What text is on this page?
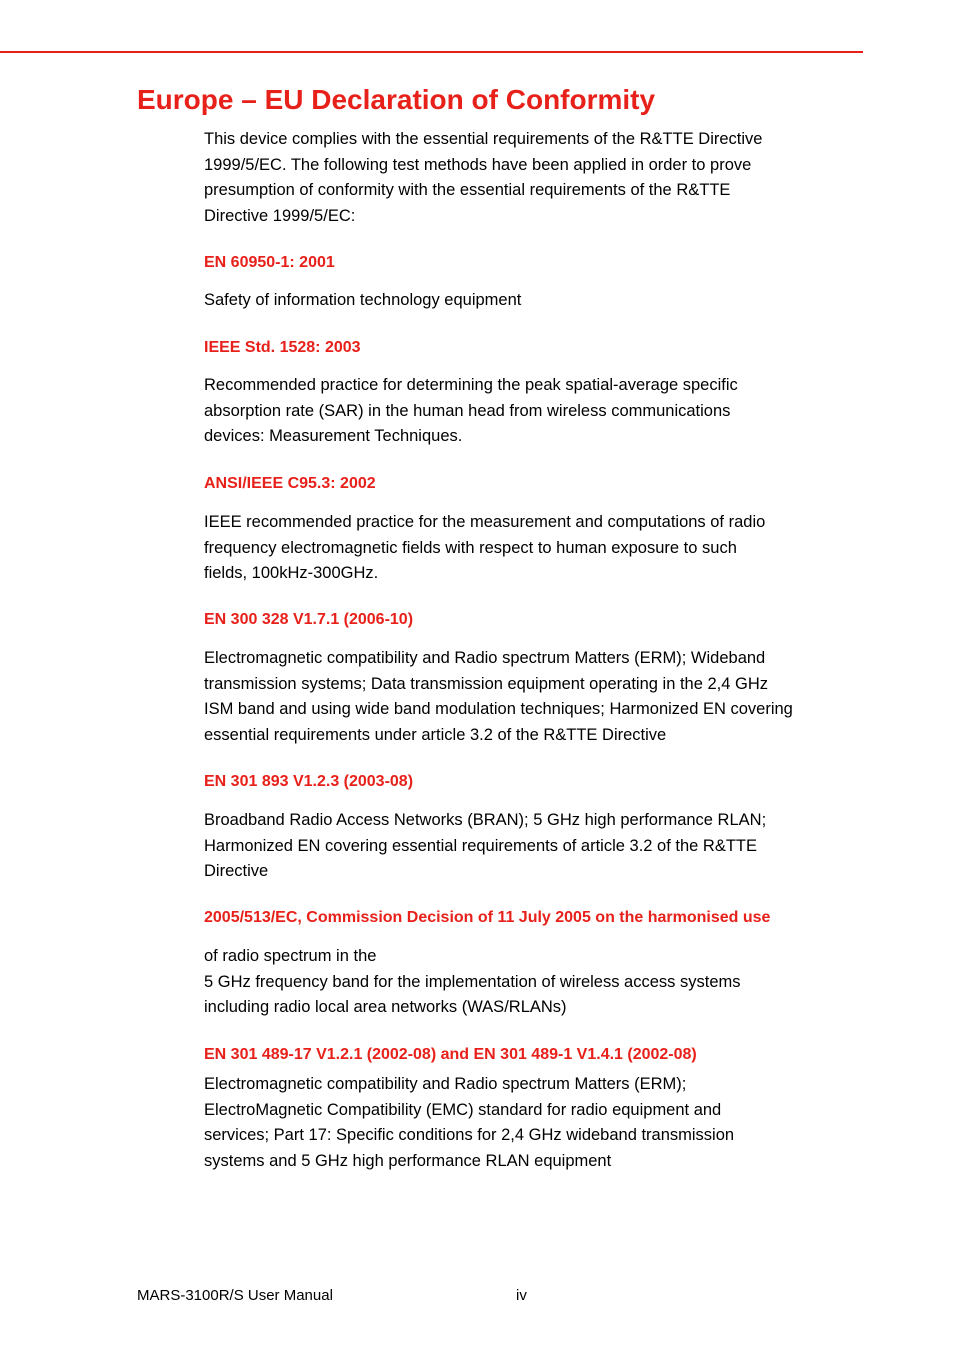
Europe – EU Declaration of Conformity

This device complies with the essential requirements of the R&TTE Directive
1999/5/EC. The following test methods have been applied in order to prove
presumption of conformity with the essential requirements of the R&TTE
Directive 1999/5/EC:

EN 60950-1: 2001

Safety of information technology equipment

IEEE Std. 1528: 2003

Recommended practice for determining the peak spatial-average specific
absorption rate (SAR) in the human head from wireless communications
devices: Measurement Techniques.

ANSI/IEEE C95.3: 2002

IEEE recommended practice for the measurement and computations of radio
frequency electromagnetic fields with respect to human exposure to such
fields, 100kHz-300GHz.

EN 300 328 V1.7.1 (2006-10)

Electromagnetic compatibility and Radio spectrum Matters (ERM); Wideband
transmission systems; Data transmission equipment operating in the 2,4 GHz
ISM band and using wide band modulation techniques; Harmonized EN covering
essential requirements under article 3.2 of the R&TTE Directive

EN 301 893 V1.2.3 (2003-08)

Broadband Radio Access Networks (BRAN); 5 GHz high performance RLAN;
Harmonized EN covering essential requirements of article 3.2 of the R&TTE
Directive

2005/513/EC, Commission Decision of 11 July 2005 on the harmonised use

of radio spectrum in the
5 GHz frequency band for the implementation of wireless access systems
including radio local area networks (WAS/RLANs)

EN 301 489-17 V1.2.1 (2002-08) and EN 301 489-1 V1.4.1 (2002-08)

Electromagnetic compatibility and Radio spectrum Matters (ERM);
ElectroMagnetic Compatibility (EMC) standard for radio equipment and
services; Part 17: Specific conditions for 2,4 GHz wideband transmission
systems and 5 GHz high performance RLAN equipment

MARS-3100R/S User Manual	iv
